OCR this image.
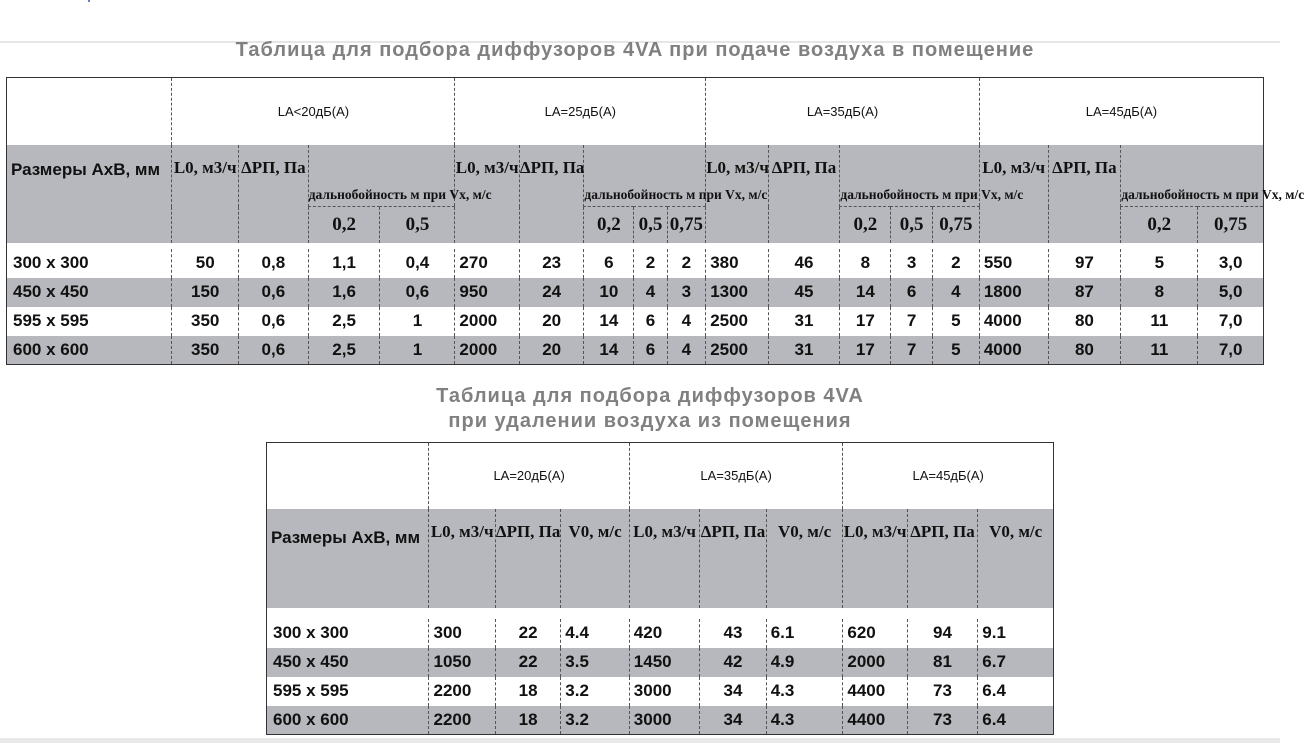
Таблица для подбора диффузоров 4VA при подаче воздуха в помещение
	LA<20дБ(A)				LA=25дБ(A)					LA=35дБ(A)					LA=45дБ(A)			
Размеры АхВ, мм	L0, м3/ч	ΔPП, Па	дальнобойность м при Vх, м/с		L0, м3/ч	ΔPП, Па	дальнобойность м при Vх, м/с			L0, м3/ч	ΔPП, Па	дальнобойность м при Vх, м/с			L0, м3/ч	ΔPП, Па	дальнобойность м при Vх, м/с	
			0,2	0,5			0,2	0,5	0,75			0,2	0,5	0,75			0,2	0,75

300 x 300	50	0,8	1,1	0,4	270	23	6	2	2	380	46	8	3	2	550	97	5	3,0
450 x 450	150	0,6	1,6	0,6	950	24	10	4	3	1300	45	14	6	4	1800	87	8	5,0
595 x 595	350	0,6	2,5	1	2000	20	14	6	4	2500	31	17	7	5	4000	80	11	7,0
600 x 600	350	0,6	2,5	1	2000	20	14	6	4	2500	31	17	7	5	4000	80	11	7,0
Таблица для подбора диффузоров 4VA
при удалении воздуха из помещения
	LA=20дБ(A)			LA=35дБ(A)			LA=45дБ(A)		
Размеры АхВ, мм	L0, м3/ч	ΔPП, Па	V0, м/с	L0, м3/ч	ΔPП, Па	V0, м/с	L0, м3/ч	ΔPП, Па	V0, м/с

300 x 300	300	22	4.4	420	43	6.1	620	94	9.1
450 x 450	1050	22	3.5	1450	42	4.9	2000	81	6.7
595 x 595	2200	18	3.2	3000	34	4.3	4400	73	6.4
600 x 600	2200	18	3.2	3000	34	4.3	4400	73	6.4
